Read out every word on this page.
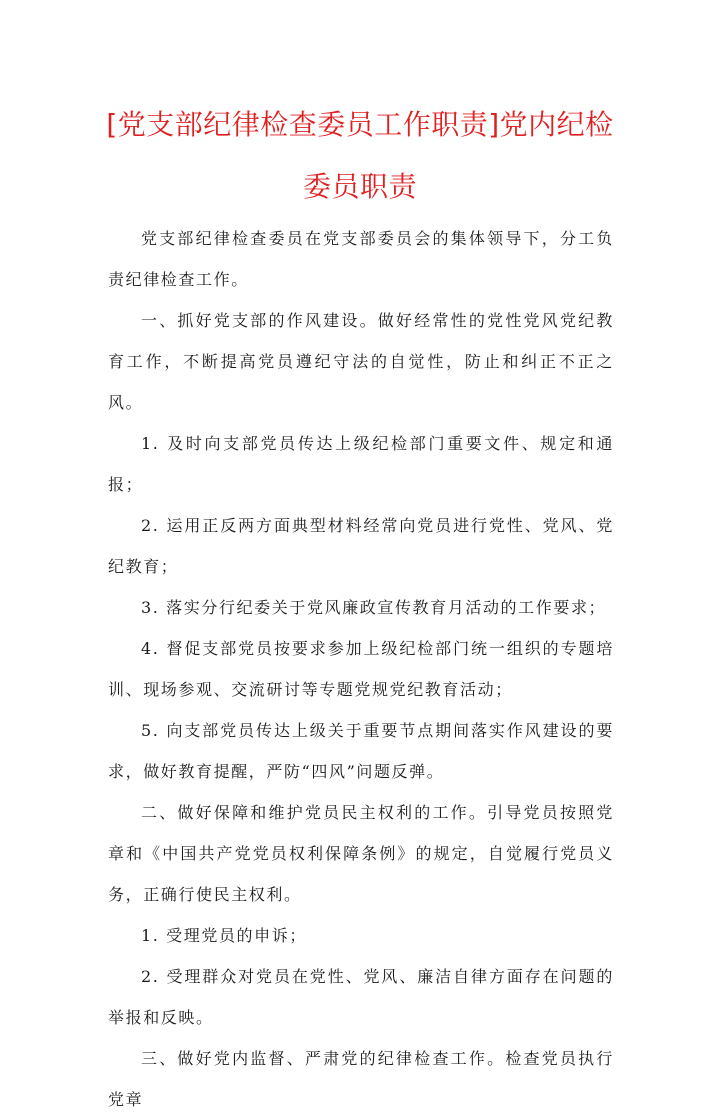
[党支部纪律检查委员工作职责]党内纪检委员职责

党支部纪律检查委员在党支部委员会的集体领导下，分工负责纪律检查工作。

一、抓好党支部的作风建设。做好经常性的党性党风党纪教育工作，不断提高党员遵纪守法的自觉性，防止和纠正不正之风。

1. 及时向支部党员传达上级纪检部门重要文件、规定和通报；

2. 运用正反两方面典型材料经常向党员进行党性、党风、党纪教育；

3. 落实分行纪委关于党风廉政宣传教育月活动的工作要求；

4. 督促支部党员按要求参加上级纪检部门统一组织的专题培训、现场参观、交流研讨等专题党规党纪教育活动；

5. 向支部党员传达上级关于重要节点期间落实作风建设的要求，做好教育提醒，严防“四风”问题反弹。

二、做好保障和维护党员民主权利的工作。引导党员按照党章和《中国共产党党员权利保障条例》的规定，自觉履行党员义务，正确行使民主权利。

1. 受理党员的申诉；

2. 受理群众对党员在党性、党风、廉洁自律方面存在问题的举报和反映。

三、做好党内监督、严肃党的纪律检查工作。检查党员执行党章
